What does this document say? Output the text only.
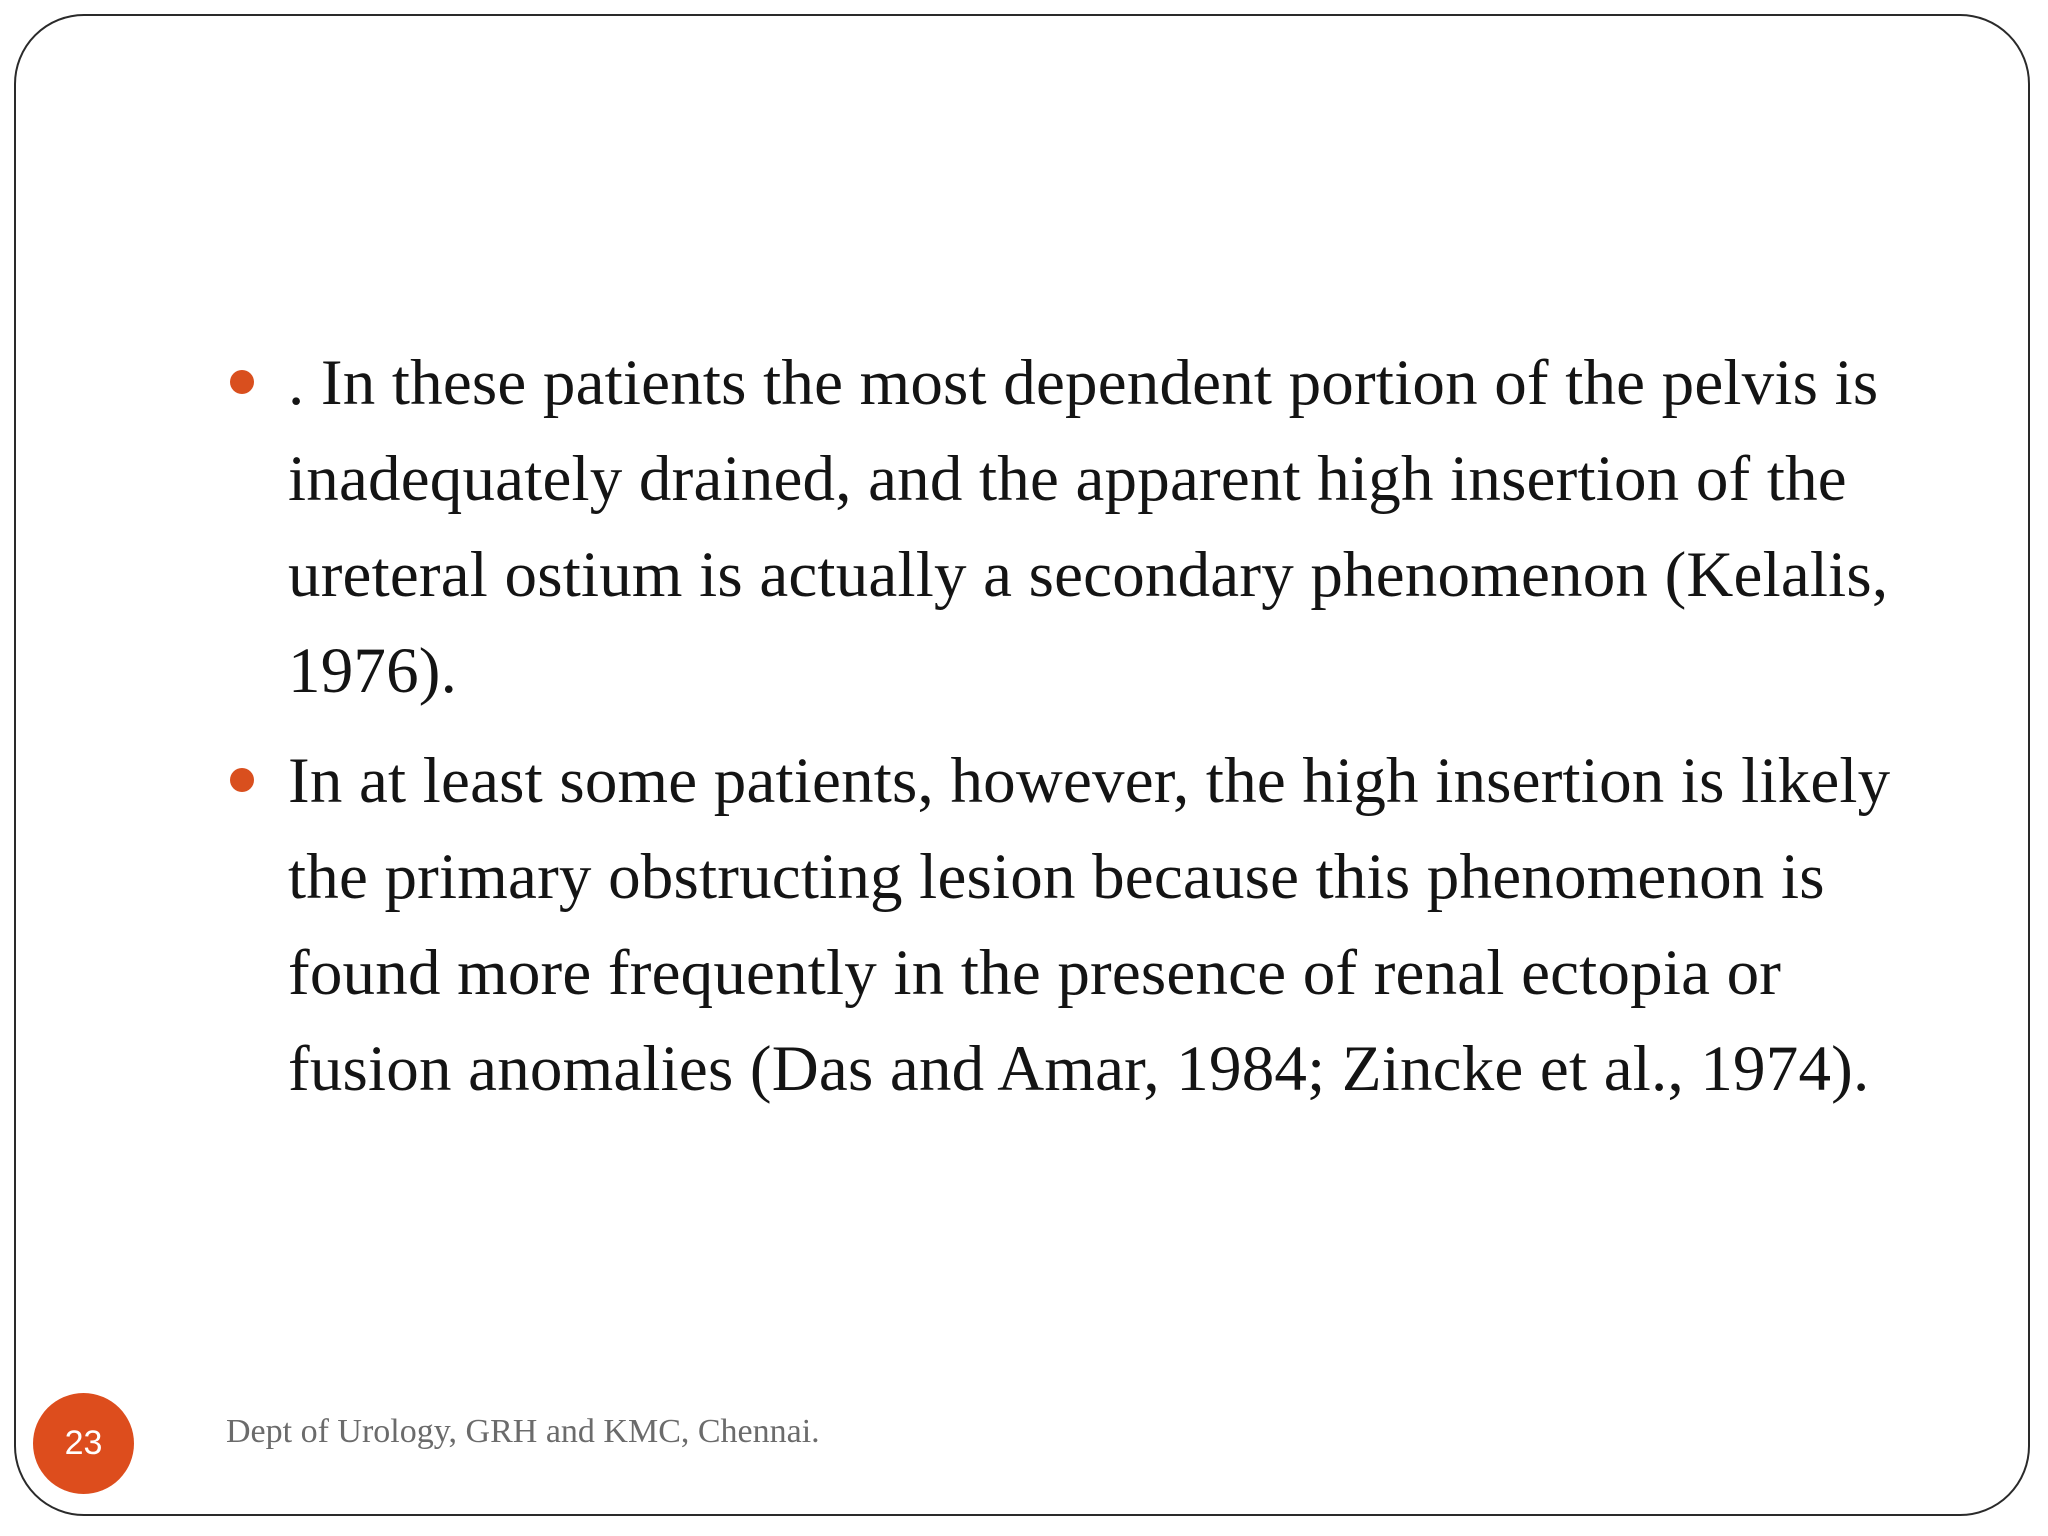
. In these patients the most dependent portion of the pelvis is inadequately drained, and the apparent high insertion of the ureteral ostium is actually a secondary phenomenon (Kelalis, 1976).
In at least some patients, however, the high insertion is likely the primary obstructing lesion because this phenomenon is found more frequently in the presence of renal ectopia or fusion anomalies (Das and Amar, 1984; Zincke et al., 1974).
23	Dept of Urology, GRH and KMC, Chennai.
